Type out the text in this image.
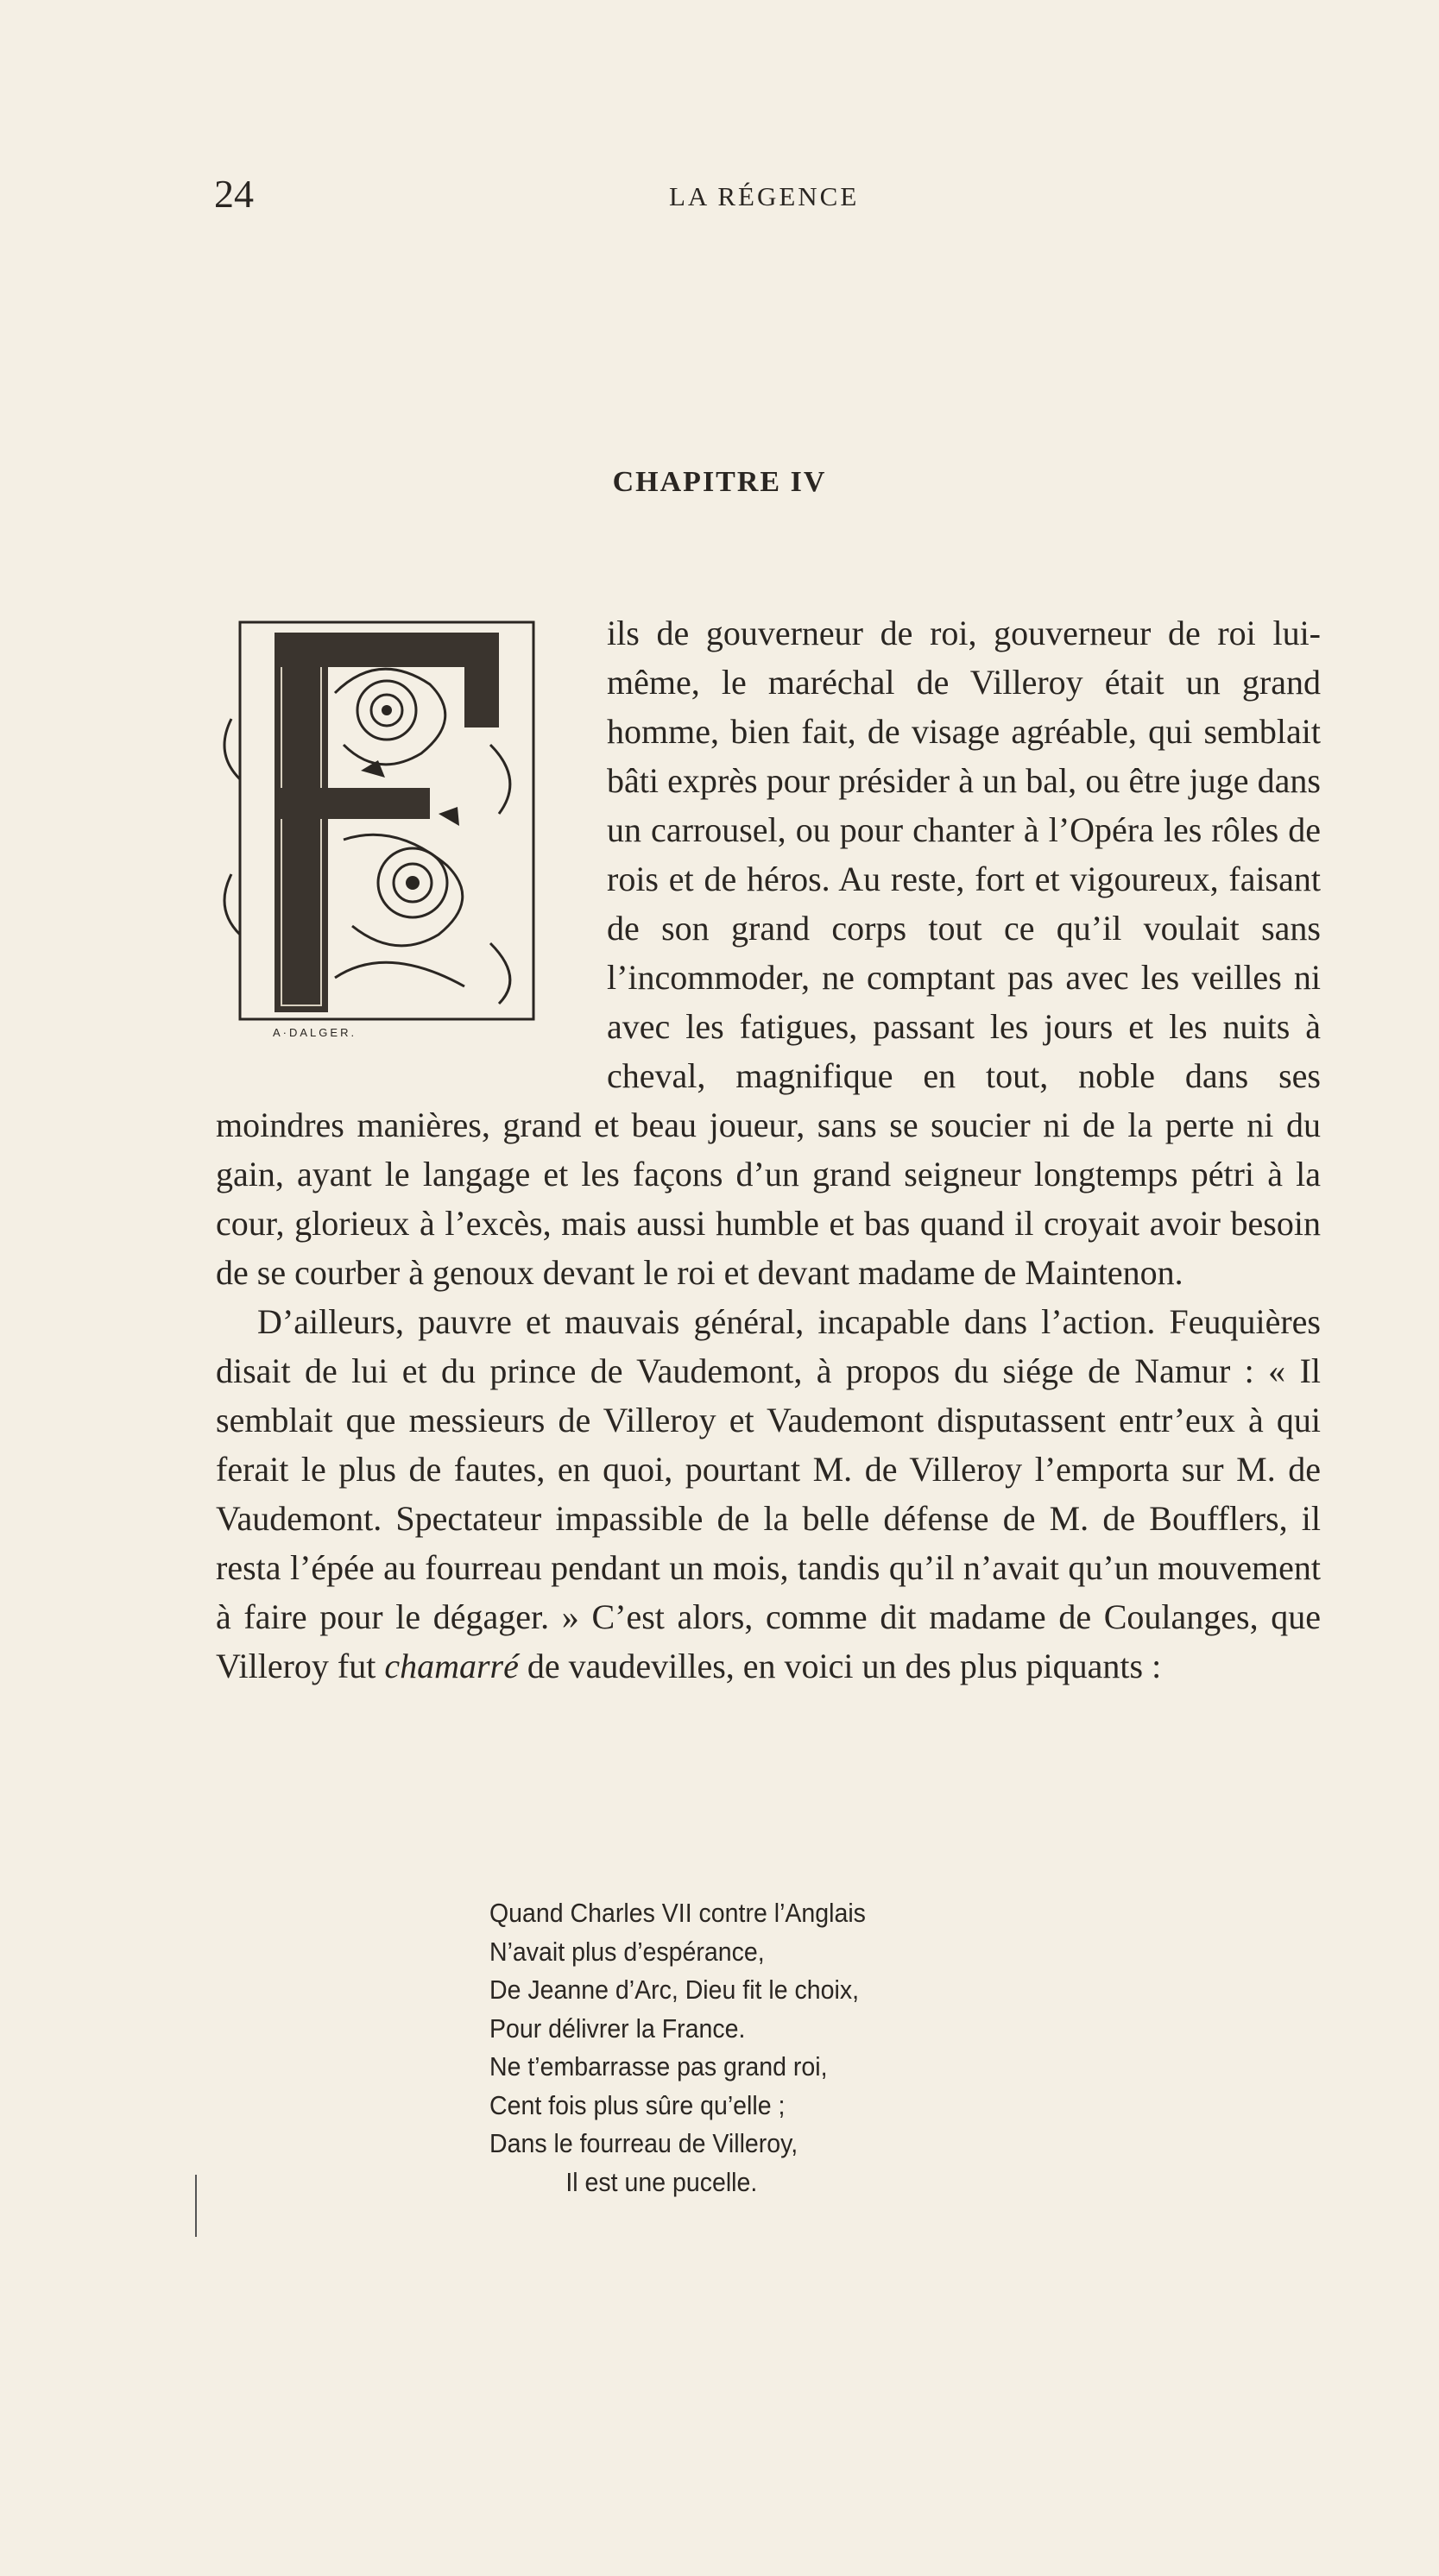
24	LA RÉGENCE
CHAPITRE IV
A·DALGER.

ils de gouverneur de roi, gouverneur de roi lui-même, le maréchal de Villeroy était un grand homme, bien fait, de visage agréable, qui semblait bâti exprès pour présider à un bal, ou être juge dans un carrousel, ou pour chanter à l’Opéra les rôles de rois et de héros. Au reste, fort et vigoureux, faisant de son grand corps tout ce qu’il voulait sans l’incommoder, ne comptant pas avec les veilles ni avec les fatigues, passant les jours et les nuits à cheval, magnifique en tout, noble dans ses moindres manières, grand et beau joueur, sans se soucier ni de la perte ni du gain, ayant le langage et les façons d’un grand seigneur longtemps pétri à la cour, glorieux à l’excès, mais aussi humble et bas quand il croyait avoir besoin de se courber à genoux devant le roi et devant madame de Maintenon.

D’ailleurs, pauvre et mauvais général, incapable dans l’action. Feuquières disait de lui et du prince de Vaudemont, à propos du siége de Namur : « Il semblait que messieurs de Villeroy et Vaudemont disputassent entr’eux à qui ferait le plus de fautes, en quoi, pourtant M. de Villeroy l’emporta sur M. de Vaudemont. Spectateur impassible de la belle défense de M. de Boufflers, il resta l’épée au fourreau pendant un mois, tandis qu’il n’avait qu’un mouvement à faire pour le dégager. » C’est alors, comme dit madame de Coulanges, que Villeroy fut chamarré de vaudevilles, en voici un des plus piquants :

Quand Charles VII contre l’Anglais
N’avait plus d’espérance,
De Jeanne d’Arc, Dieu fit le choix,
Pour délivrer la France.
Ne t’embarrasse pas grand roi,
Cent fois plus sûre qu’elle ;
Dans le fourreau de Villeroy,
Il est une pucelle.
